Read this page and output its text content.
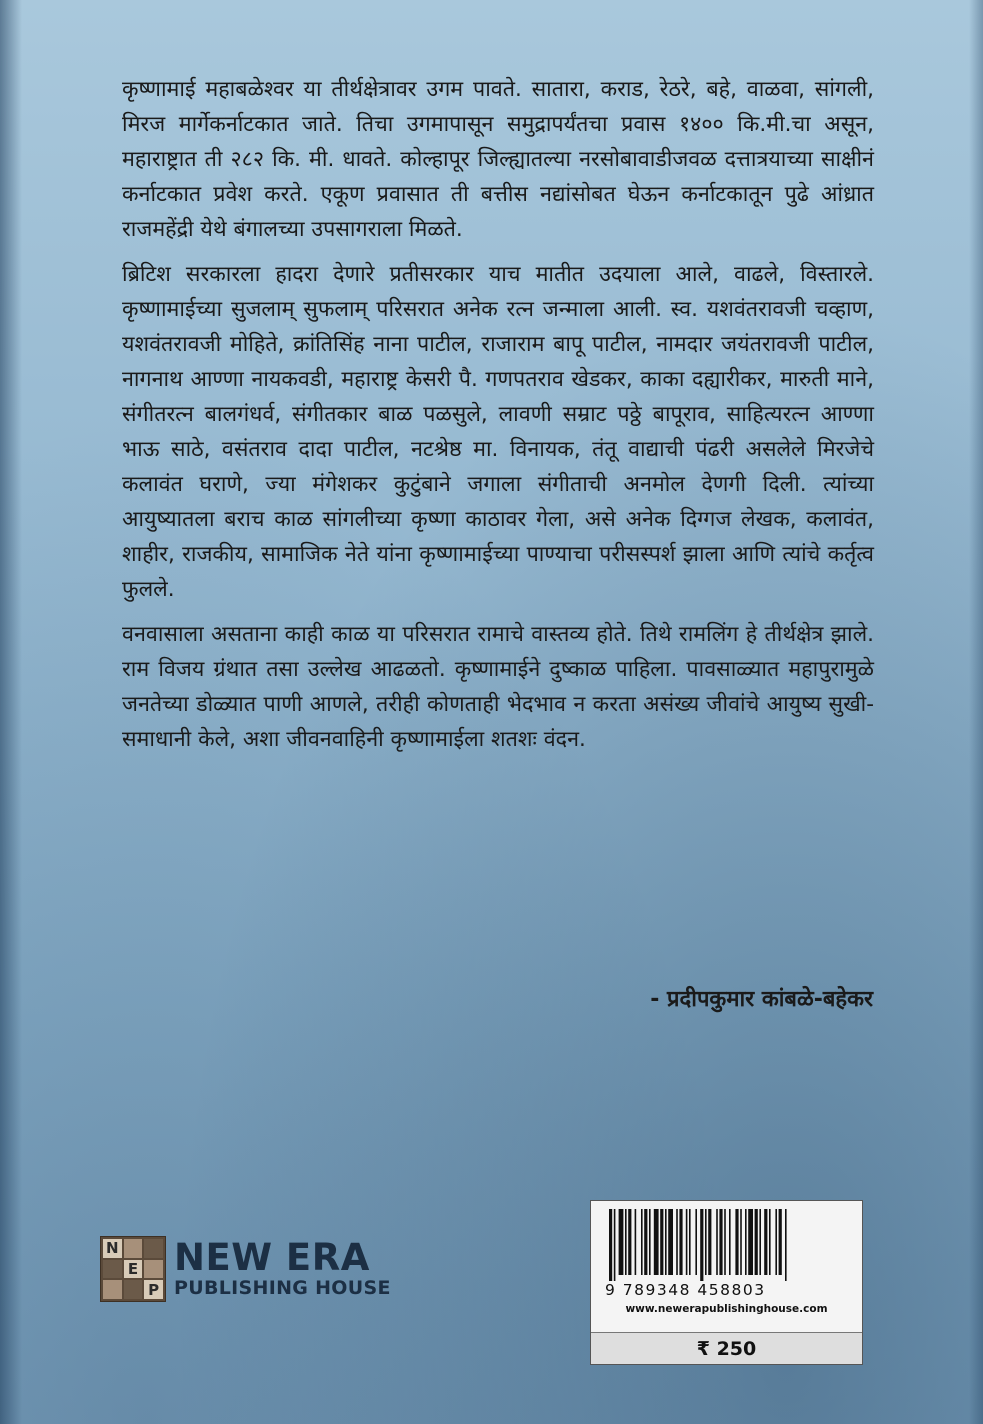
कृष्णामाई महाबळेश्वर या तीर्थक्षेत्रावर उगम पावते. सातारा, कराड, रेठरे, बहे, वाळवा, सांगली, मिरज मार्गेकर्नाटकात जाते. तिचा उगमापासून समुद्रापर्यंतचा प्रवास १४०० कि.मी.चा असून, महाराष्ट्रात ती २८२ कि. मी. धावते. कोल्हापूर जिल्ह्यातल्या नरसोबावाडीजवळ दत्तात्रयाच्या साक्षीनं कर्नाटकात प्रवेश करते. एकूण प्रवासात ती बत्तीस नद्यांसोबत घेऊन कर्नाटकातून पुढे आंध्रात राजमहेंद्री येथे बंगालच्या उपसागराला मिळते.

ब्रिटिश सरकारला हादरा देणारे प्रतीसरकार याच मातीत उदयाला आले, वाढले, विस्तारले. कृष्णामाईच्या सुजलाम् सुफलाम् परिसरात अनेक रत्न जन्माला आली. स्व. यशवंतरावजी चव्हाण, यशवंतरावजी मोहिते, क्रांतिसिंह नाना पाटील, राजाराम बापू पाटील, नामदार जयंतरावजी पाटील, नागनाथ आण्णा नायकवडी, महाराष्ट्र केसरी पै. गणपतराव खेडकर, काका दह्यारीकर, मारुती माने, संगीतरत्न बालगंधर्व, संगीतकार बाळ पळसुले, लावणी सम्राट पठ्ठे बापूराव, साहित्यरत्न आण्णा भाऊ साठे, वसंतराव दादा पाटील, नटश्रेष्ठ मा. विनायक, तंतू वाद्याची पंढरी असलेले मिरजेचे कलावंत घराणे, ज्या मंगेशकर कुटुंबाने जगाला संगीताची अनमोल देणगी दिली. त्यांच्या आयुष्यातला बराच काळ सांगलीच्या कृष्णा काठावर गेला, असे अनेक दिग्गज लेखक, कलावंत, शाहीर, राजकीय, सामाजिक नेते यांना कृष्णामाईच्या पाण्याचा परीसस्पर्श झाला आणि त्यांचे कर्तृत्व फुलले.

वनवासाला असताना काही काळ या परिसरात रामाचे वास्तव्य होते. तिथे रामलिंग हे तीर्थक्षेत्र झाले. राम विजय ग्रंथात तसा उल्लेख आढळतो. कृष्णामाईने दुष्काळ पाहिला. पावसाळ्यात महापुरामुळे जनतेच्या डोळ्यात पाणी आणले, तरीही कोणताही भेदभाव न करता असंख्य जीवांचे आयुष्य सुखी-समाधानी केले, अशा जीवनवाहिनी कृष्णामाईला शतशः वंदन.

- प्रदीपकुमार कांबळे-बहेकर
N
E
P
NEW ERA
PUBLISHING HOUSE	9 789348 458803
www.newerapublishinghouse.com
₹ 250
